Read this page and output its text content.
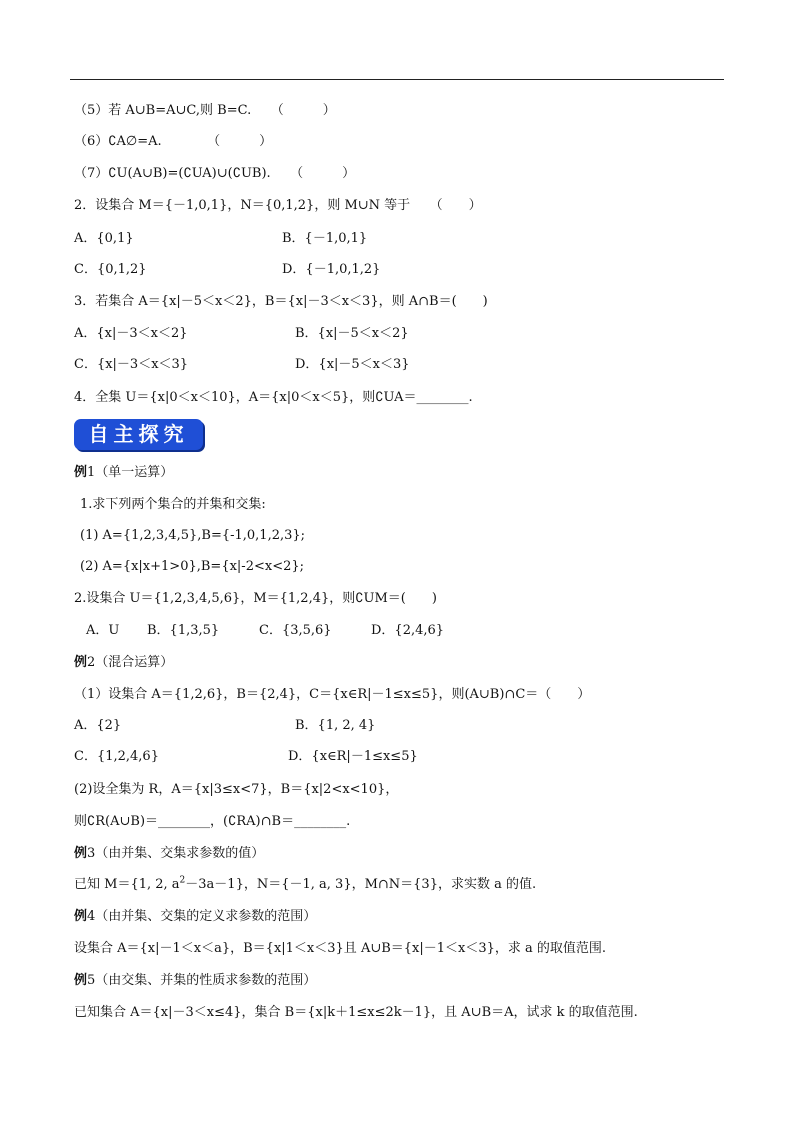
（5）若 A∪B=A∪C,则 B=C.　　（　　　）
（6）∁A∅=A.　　　　（　　　）
（7）∁U(A∪B)=(∁UA)∪(∁UB).　　（　　　）
2．设集合 M＝{－1,0,1}，N＝{0,1,2}，则 M∪N 等于　　（　　）
A．{0,1}	B．{－1,0,1}
C．{0,1,2}	D．{－1,0,1,2}
3．若集合 A＝{x|－5＜x＜2}，B＝{x|－3＜x＜3}，则 A∩B＝(　　)
A．{x|－3＜x＜2}	B．{x|－5＜x＜2}
C．{x|－3＜x＜3}	D．{x|－5＜x＜3}
4．全集 U＝{x|0＜x＜10}，A＝{x|0＜x＜5}，则∁UA＝________.
自主探究
例1（单一运算）
1.求下列两个集合的并集和交集:
(1) A={1,2,3,4,5},B={-1,0,1,2,3};
(2) A={x|x+1>0},B={x|-2<x<2};
2.设集合 U＝{1,2,3,4,5,6}，M＝{1,2,4}，则∁UM＝(　　)
A．U B．{1,3,5}	C．{3,5,6}	D．{2,4,6}
例2（混合运算）
（1）设集合 A＝{1,2,6}，B＝{2,4}，C＝{x∈R|－1≤x≤5}，则(A∪B)∩C＝（　　）
A．{2}	B．{1, 2, 4}
C．{1,2,4,6}	D．{x∈R|－1≤x≤5}
(2)设全集为 R，A＝{x|3≤x<7}，B＝{x|2<x<10}，
则∁R(A∪B)＝________，(∁RA)∩B＝________.
例3（由并集、交集求参数的值）
已知 M＝{1, 2, $a^2-3a-1$}，N＝{－1, a, 3}，M∩N＝{3}，求实数 a 的值.
例4（由并集、交集的定义求参数的范围）
设集合 A＝{x|－1＜x＜a}，B＝{x|1＜x＜3}且 A∪B＝{x|－1＜x＜3}，求 a 的取值范围.
例5（由交集、并集的性质求参数的范围）
已知集合 A＝{x|－3＜x≤4}，集合 B＝{x|k＋1≤x≤2k－1}，且 A∪B＝A，试求 k 的取值范围.
